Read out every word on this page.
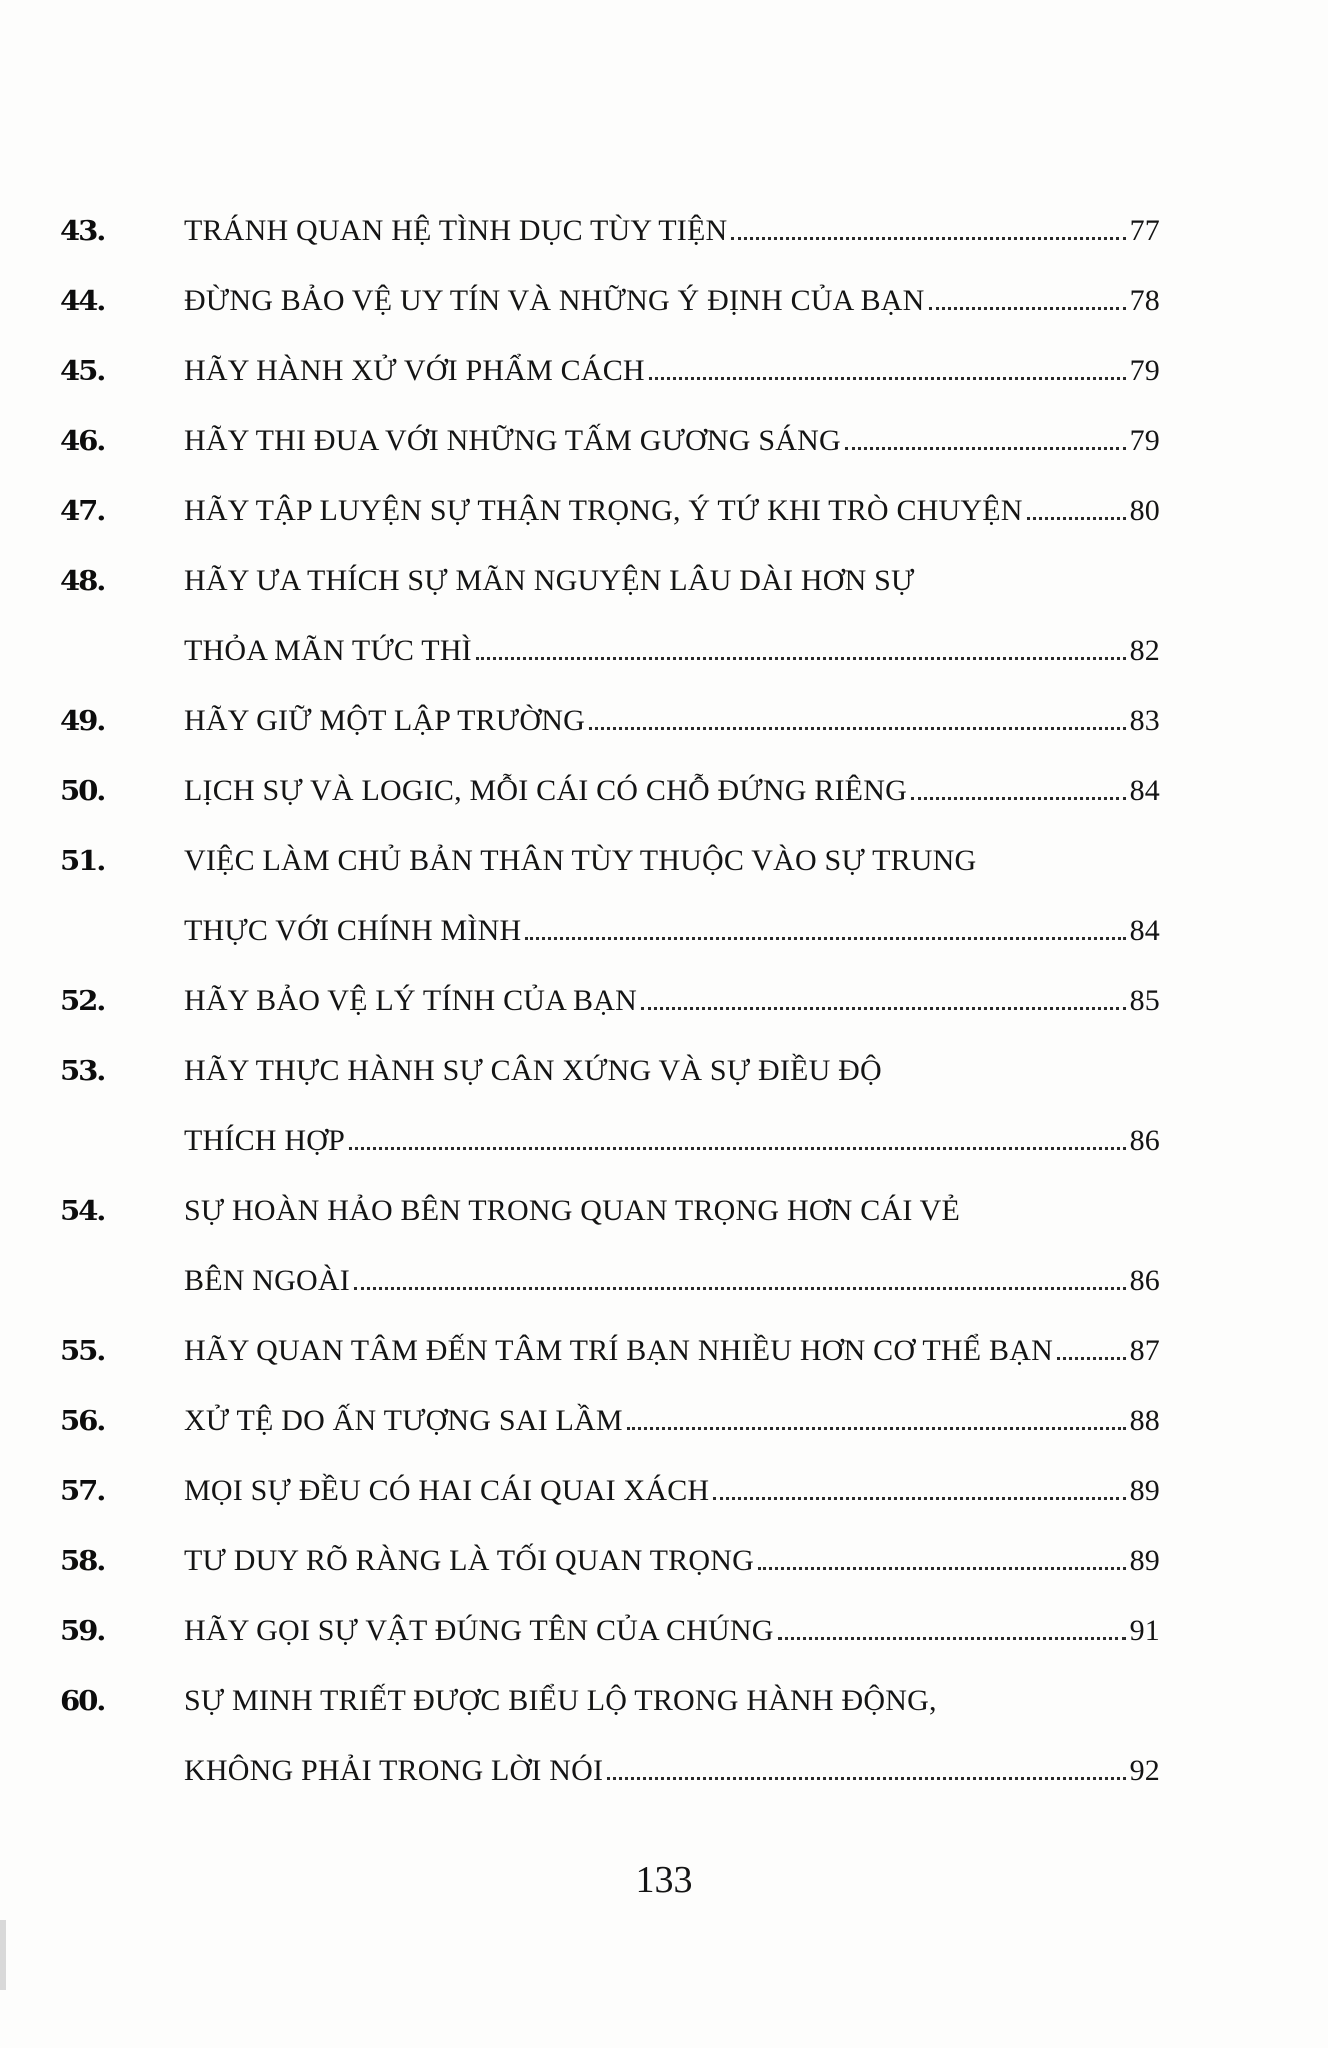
43.	TRÁNH QUAN HỆ TÌNH DỤC TÙY TIỆN	77
44.	ĐỪNG BẢO VỆ UY TÍN VÀ NHỮNG Ý ĐỊNH CỦA BẠN	78
45.	HÃY HÀNH XỬ VỚI PHẨM CÁCH	79
46.	HÃY THI ĐUA VỚI NHỮNG TẤM GƯƠNG SÁNG	79
47.	HÃY TẬP LUYỆN SỰ THẬN TRỌNG, Ý TỨ KHI TRÒ CHUYỆN	80
48.	HÃY ƯA THÍCH SỰ MÃN NGUYỆN LÂU DÀI HƠN SỰ
THỎA MÃN TỨC THÌ	82
49.	HÃY GIỮ MỘT LẬP TRƯỜNG	83
50.	LỊCH SỰ VÀ LOGIC, MỖI CÁI CÓ CHỖ ĐỨNG RIÊNG	84
51.	VIỆC LÀM CHỦ BẢN THÂN TÙY THUỘC VÀO SỰ TRUNG
THỰC VỚI CHÍNH MÌNH	84
52.	HÃY BẢO VỆ LÝ TÍNH CỦA BẠN	85
53.	HÃY THỰC HÀNH SỰ CÂN XỨNG VÀ SỰ ĐIỀU ĐỘ
THÍCH HỢP	86
54.	SỰ HOÀN HẢO BÊN TRONG QUAN TRỌNG HƠN CÁI VẺ
BÊN NGOÀI	86
55.	HÃY QUAN TÂM ĐẾN TÂM TRÍ BẠN NHIỀU HƠN CƠ THỂ BẠN	87
56.	XỬ TỆ DO ẤN TƯỢNG SAI LẦM	88
57.	MỌI SỰ ĐỀU CÓ HAI CÁI QUAI XÁCH	89
58.	TƯ DUY RÕ RÀNG LÀ TỐI QUAN TRỌNG	89
59.	HÃY GỌI SỰ VẬT ĐÚNG TÊN CỦA CHÚNG	91
60.	SỰ MINH TRIẾT ĐƯỢC BIỂU LỘ TRONG HÀNH ĐỘNG,
KHÔNG PHẢI TRONG LỜI NÓI	92
133
